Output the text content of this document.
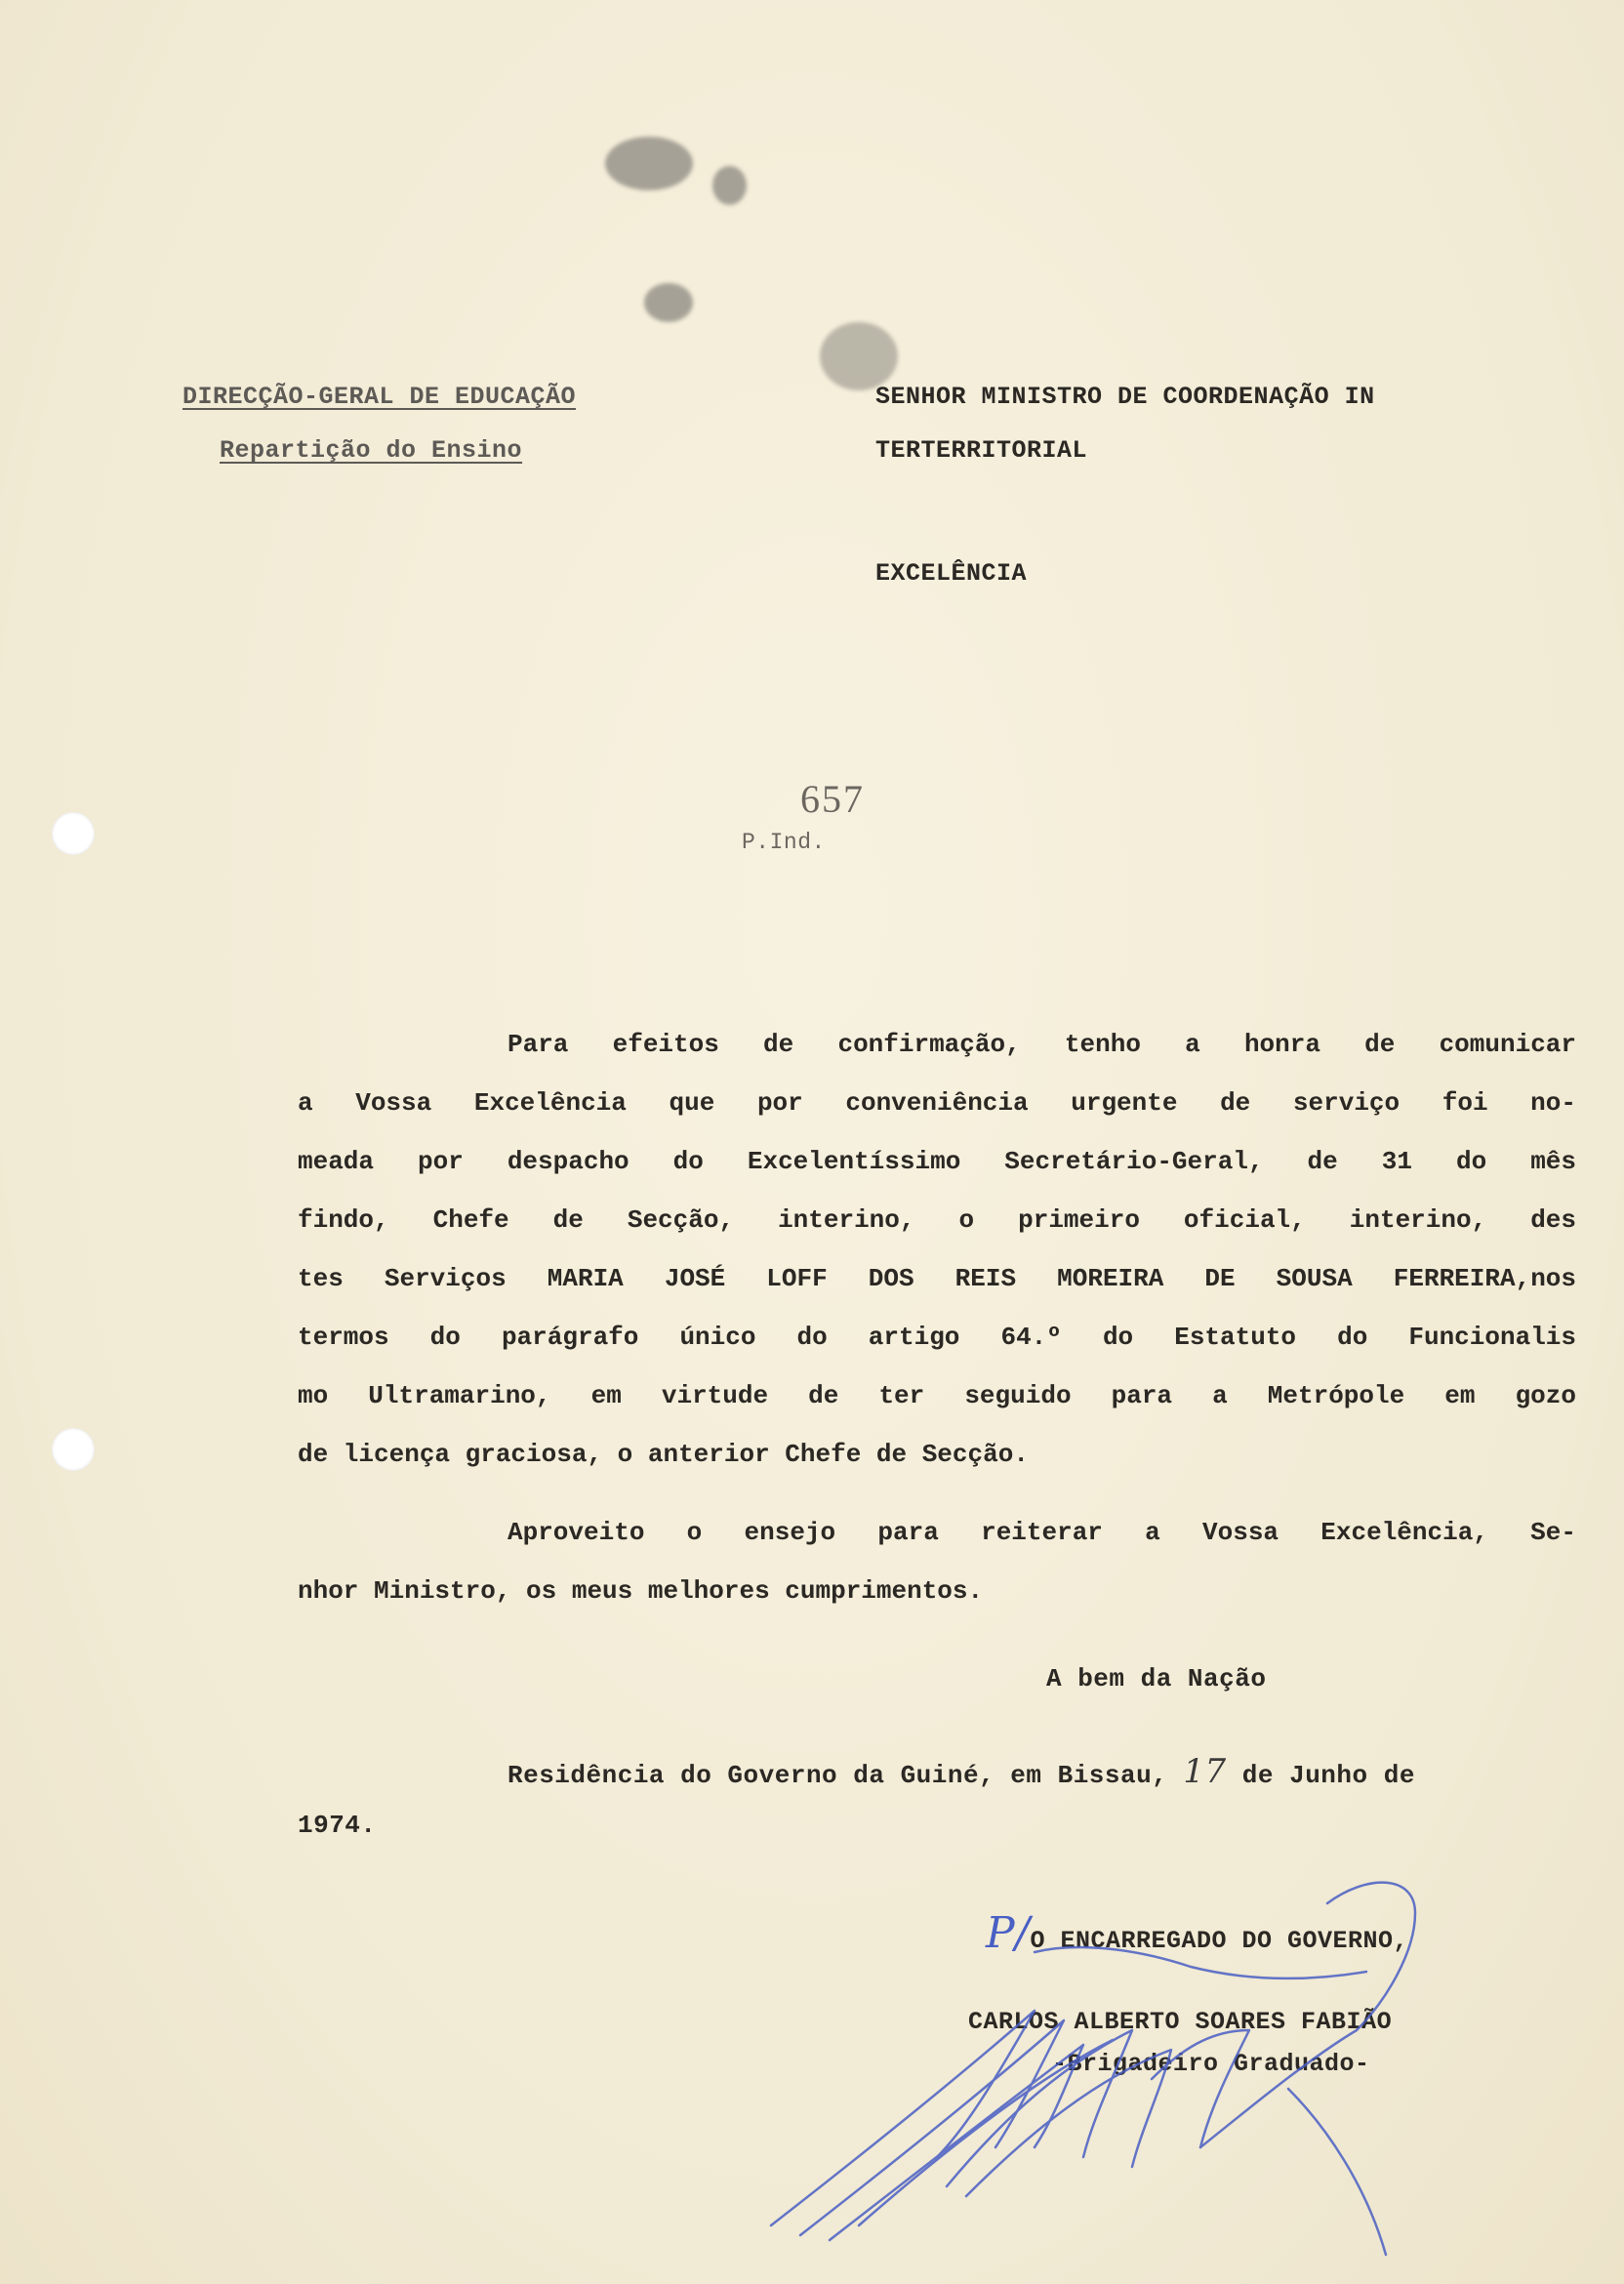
DIRECÇÃO-GERAL DE EDUCAÇÃO
Repartição do Ensino
SENHOR MINISTRO DE COORDENAÇÃO IN
TERTERRITORIAL
EXCELÊNCIA
657
P.Ind.
Para efeitos de confirmação, tenho a honra de comunicar
a Vossa Excelência que por conveniência urgente de serviço foi no-
meada por despacho do Excelentíssimo Secretário-Geral, de 31 do mês
findo, Chefe de Secção, interino, o primeiro oficial, interino, des
tes Serviços MARIA JOSÉ LOFF DOS REIS MOREIRA DE SOUSA FERREIRA,nos
termos do parágrafo único do artigo 64.º do Estatuto do Funcionalis
mo Ultramarino, em virtude de ter seguido para a Metrópole em gozo
de licença graciosa, o anterior Chefe de Secção.
Aproveito o ensejo para reiterar a Vossa Excelência, Se-
nhor Ministro, os meus melhores cumprimentos.
A bem da Nação
Residência do Governo da Guiné, em Bissau, 17 de Junho de
1974.
P/O ENCARREGADO DO GOVERNO,
CARLOS ALBERTO SOARES FABIÃO
-Brigadeiro Graduado-
